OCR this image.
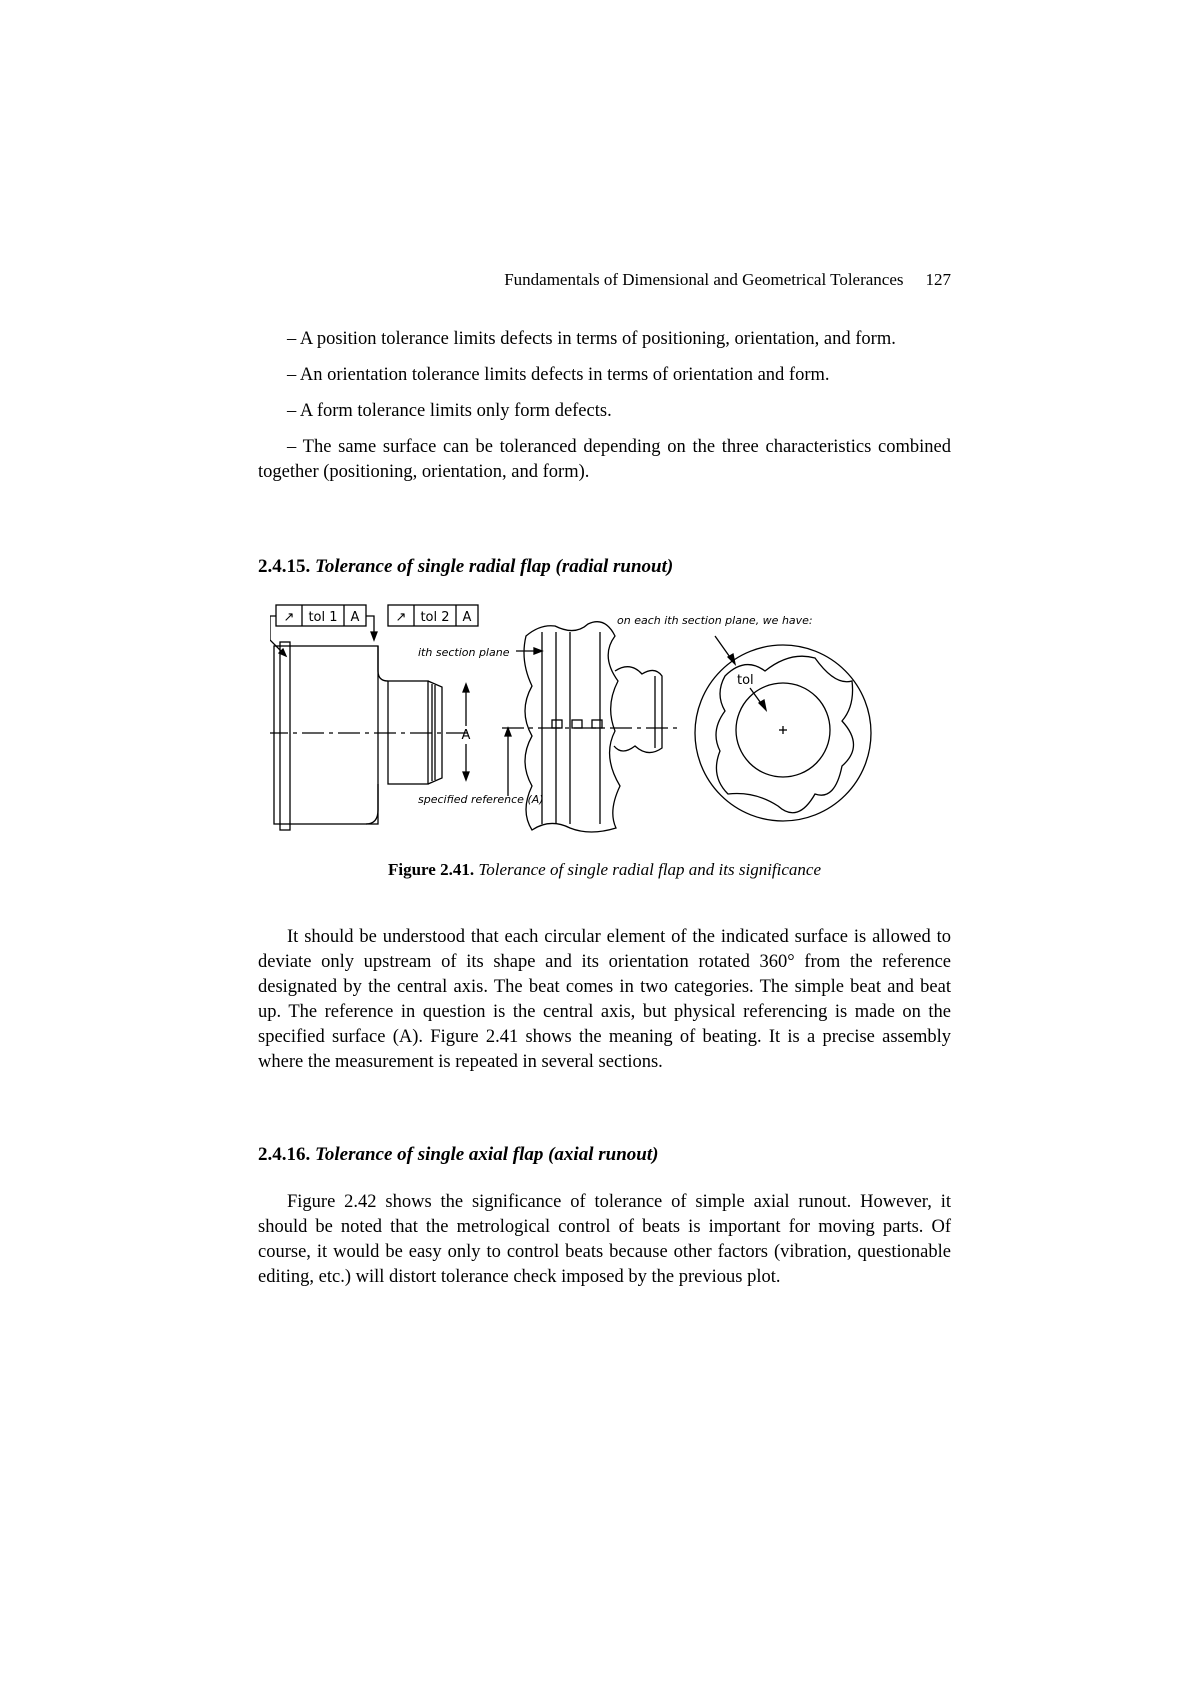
Fundamentals of Dimensional and Geometrical Tolerances 127

– A position tolerance limits defects in terms of positioning, orientation, and form.

– An orientation tolerance limits defects in terms of orientation and form.

– A form tolerance limits only form defects.

– The same surface can be toleranced depending on the three characteristics combined together (positioning, orientation, and form).

2.4.15. Tolerance of single radial flap (radial runout)
↗ tol 1 A	↗ tol 2 A
A
ith section plane
specified reference (A)
on each ith section plane, we have:
tol
Figure 2.41. Tolerance of single radial flap and its significance

It should be understood that each circular element of the indicated surface is allowed to deviate only upstream of its shape and its orientation rotated 360° from the reference designated by the central axis. The beat comes in two categories. The simple beat and beat up. The reference in question is the central axis, but physical referencing is made on the specified surface (A). Figure 2.41 shows the meaning of beating. It is a precise assembly where the measurement is repeated in several sections.

2.4.16. Tolerance of single axial flap (axial runout)

Figure 2.42 shows the significance of tolerance of simple axial runout. However, it should be noted that the metrological control of beats is important for moving parts. Of course, it would be easy only to control beats because other factors (vibration, questionable editing, etc.) will distort tolerance check imposed by the previous plot.
